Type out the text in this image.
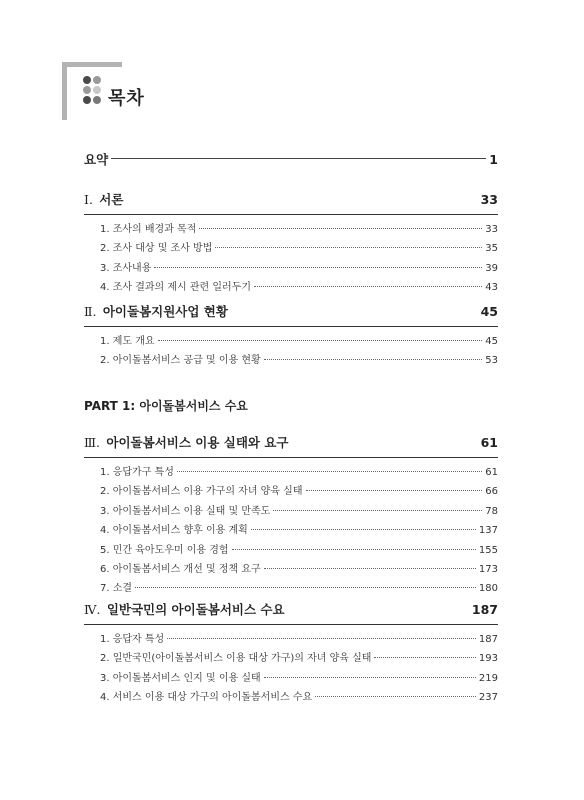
목차
요약	1
Ⅰ. 서론	33
1. 조사의 배경과 목적	33
2. 조사 대상 및 조사 방법	35
3. 조사내용	39
4. 조사 결과의 제시 관련 일러두기	43
Ⅱ. 아이돌봄지원사업 현황	45
1. 제도 개요	45
2. 아이돌봄서비스 공급 및 이용 현황	53
PART 1: 아이돌봄서비스 수요
Ⅲ. 아이돌봄서비스 이용 실태와 요구	61
1. 응답가구 특성	61
2. 아이돌봄서비스 이용 가구의 자녀 양육 실태	66
3. 아이돌봄서비스 이용 실태 및 만족도	78
4. 아이돌봄서비스 향후 이용 계획	137
5. 민간 육아도우미 이용 경험	155
6. 아이돌봄서비스 개선 및 정책 요구	173
7. 소결	180
Ⅳ. 일반국민의 아이돌봄서비스 수요	187
1. 응답자 특성	187
2. 일반국민(아이돌봄서비스 이용 대상 가구)의 자녀 양육 실태	193
3. 아이돌봄서비스 인지 및 이용 실태	219
4. 서비스 이용 대상 가구의 아이돌봄서비스 수요	237
